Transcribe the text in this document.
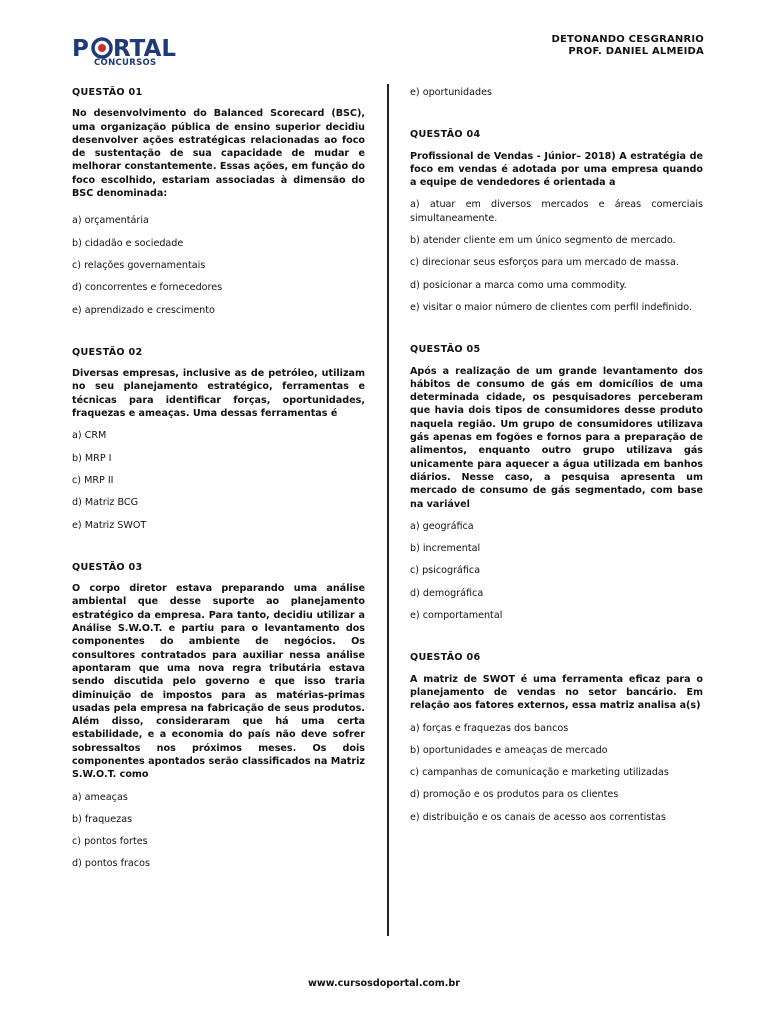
P RTAL
CONCURSOS
DETONANDO CESGRANRIO
PROF. DANIEL ALMEIDA
QUESTÃO 01
No desenvolvimento do Balanced Scorecard (BSC), uma organização pública de ensino superior decidiu desenvolver ações estratégicas relacionadas ao foco de sustentação de sua capacidade de mudar e melhorar constantemente. Essas ações, em função do foco escolhido, estariam associadas à dimensão do BSC denominada:
a) orçamentária
b) cidadão e sociedade
c) relações governamentais
d) concorrentes e fornecedores
e) aprendizado e crescimento
QUESTÃO 02
Diversas empresas, inclusive as de petróleo, utilizam no seu planejamento estratégico, ferramentas e técnicas para identificar forças, oportunidades, fraquezas e ameaças. Uma dessas ferramentas é
a) CRM
b) MRP I
c) MRP II
d) Matriz BCG
e) Matriz SWOT
QUESTÃO 03
O corpo diretor estava preparando uma análise ambiental que desse suporte ao planejamento estratégico da empresa. Para tanto, decidiu utilizar a Análise S.W.O.T. e partiu para o levantamento dos componentes do ambiente de negócios. Os consultores contratados para auxiliar nessa análise apontaram que uma nova regra tributária estava sendo discutida pelo governo e que isso traria diminuição de impostos para as matérias-primas usadas pela empresa na fabricação de seus produtos. Além disso, consideraram que há uma certa estabilidade, e a economia do país não deve sofrer sobressaltos nos próximos meses. Os dois componentes apontados serão classificados na Matriz S.W.O.T. como
a) ameaças
b) fraquezas
c) pontos fortes
d) pontos fracos
e) oportunidades
QUESTÃO 04
Profissional de Vendas - Júnior– 2018) A estratégia de foco em vendas é adotada por uma empresa quando a equipe de vendedores é orientada a
a) atuar em diversos mercados e áreas comerciais simultaneamente.
b) atender cliente em um único segmento de mercado.
c) direcionar seus esforços para um mercado de massa.
d) posicionar a marca como uma commodity.
e) visitar o maior número de clientes com perfil indefinido.
QUESTÃO 05
Após a realização de um grande levantamento dos hábitos de consumo de gás em domicílios de uma determinada cidade, os pesquisadores perceberam que havia dois tipos de consumidores desse produto naquela região. Um grupo de consumidores utilizava gás apenas em fogões e fornos para a preparação de alimentos, enquanto outro grupo utilizava gás unicamente para aquecer a água utilizada em banhos diários. Nesse caso, a pesquisa apresenta um mercado de consumo de gás segmentado, com base na variável
a) geográfica
b) incremental
c) psicográfica
d) demográfica
e) comportamental
QUESTÃO 06
A matriz de SWOT é uma ferramenta eficaz para o planejamento de vendas no setor bancário. Em relação aos fatores externos, essa matriz analisa a(s)
a) forças e fraquezas dos bancos
b) oportunidades e ameaças de mercado
c) campanhas de comunicação e marketing utilizadas
d) promoção e os produtos para os clientes
e) distribuição e os canais de acesso aos correntistas
www.cursosdoportal.com.br
